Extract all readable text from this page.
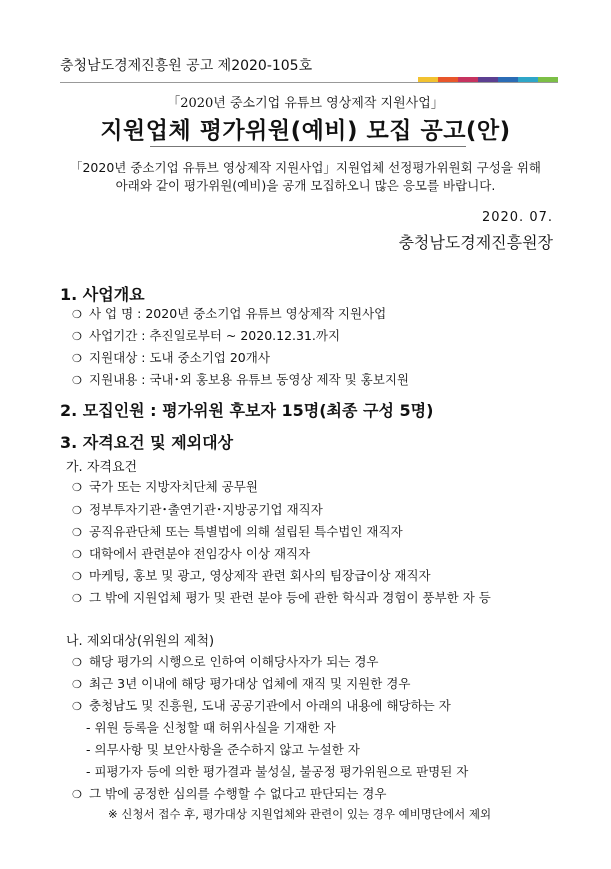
충청남도경제진흥원 공고 제2020-105호
「2020년 중소기업 유튜브 영상제작 지원사업」
지원업체 평가위원(예비) 모집 공고(안)
「2020년 중소기업 유튜브 영상제작 지원사업」지원업체 선정평가위원회 구성을 위해
아래와 같이 평가위원(예비)을 공개 모집하오니 많은 응모를 바랍니다.
2020. 07.
충청남도경제진흥원장
1. 사업개요
❍ 사 업 명 : 2020년 중소기업 유튜브 영상제작 지원사업
❍ 사업기간 : 추진일로부터 ~ 2020.12.31.까지
❍ 지원대상 : 도내 중소기업 20개사
❍ 지원내용 : 국내･외 홍보용 유튜브 동영상 제작 및 홍보지원
2. 모집인원 : 평가위원 후보자 15명(최종 구성 5명)
3. 자격요건 및 제외대상
가. 자격요건
❍ 국가 또는 지방자치단체 공무원
❍ 정부투자기관･출연기관･지방공기업 재직자
❍ 공직유관단체 또는 특별법에 의해 설립된 특수법인 재직자
❍ 대학에서 관련분야 전임강사 이상 재직자
❍ 마케팅, 홍보 및 광고, 영상제작 관련 회사의 팀장급이상 재직자
❍ 그 밖에 지원업체 평가 및 관련 분야 등에 관한 학식과 경험이 풍부한 자 등
나. 제외대상(위원의 제척)
❍ 해당 평가의 시행으로 인하여 이해당사자가 되는 경우
❍ 최근 3년 이내에 해당 평가대상 업체에 재직 및 지원한 경우
❍ 충청남도 및 진흥원, 도내 공공기관에서 아래의 내용에 해당하는 자
- 위원 등록을 신청할 때 허위사실을 기재한 자
- 의무사항 및 보안사항을 준수하지 않고 누설한 자
- 피평가자 등에 의한 평가결과 불성실, 불공정 평가위원으로 판명된 자
❍ 그 밖에 공정한 심의를 수행할 수 없다고 판단되는 경우
※ 신청서 접수 후, 평가대상 지원업체와 관련이 있는 경우 예비명단에서 제외
